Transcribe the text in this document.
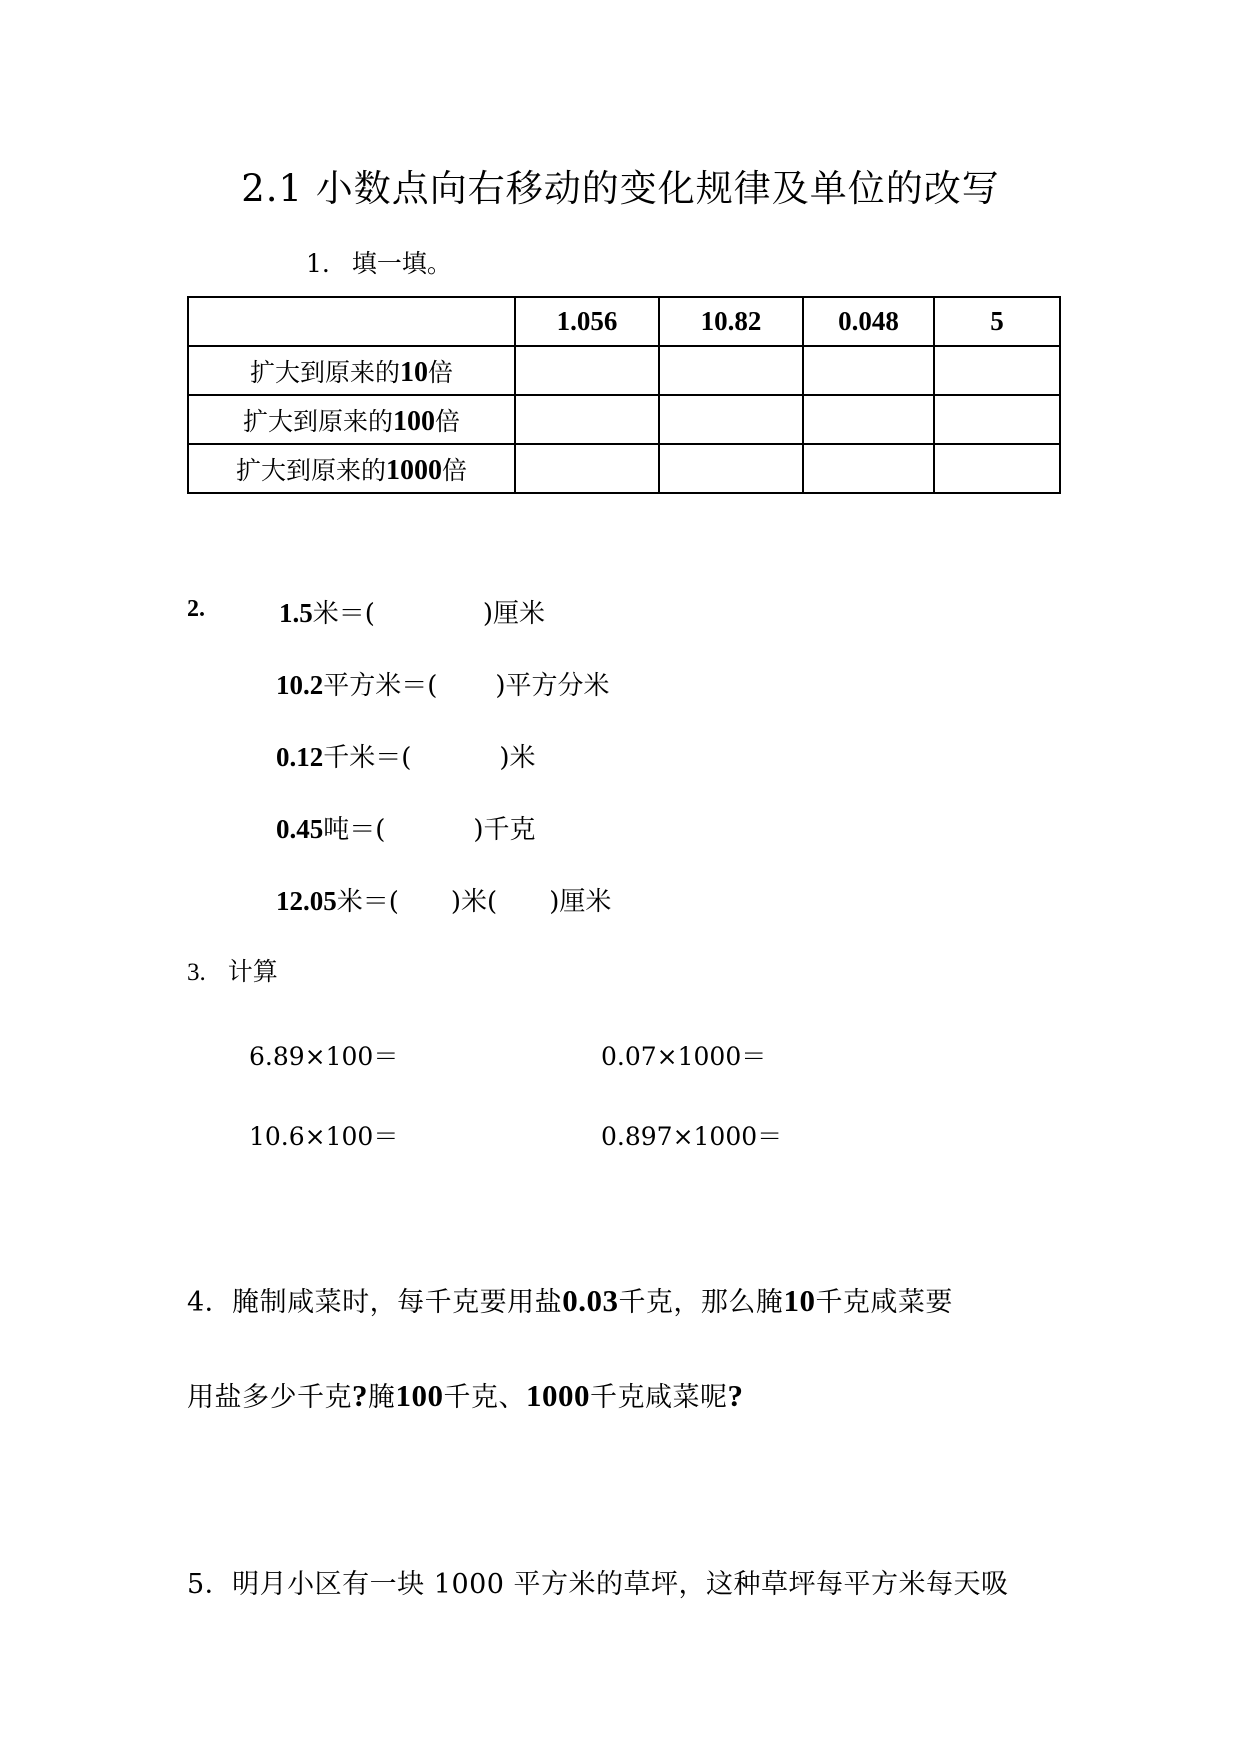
2.1 小数点向右移动的变化规律及单位的改写
1. 填一填。
	1.056	10.82	0.048	5
扩大到原来的10倍				
扩大到原来的100倍				
扩大到原来的1000倍				
2.	1.5米＝(	)厘米
10.2平方米＝( )平方分米
0.12千米＝(	)米
0.45吨＝(	)千克
12.05米＝( )米( )厘米
3. 计算
6.89×100＝	0.07×1000＝
10.6×100＝	0.897×1000＝
4．腌制咸菜时，每千克要用盐0.03千克，那么腌10千克咸菜要
用盐多少千克?腌100千克、1000千克咸菜呢?
5．明月小区有一块 1000 平方米的草坪，这种草坪每平方米每天吸
